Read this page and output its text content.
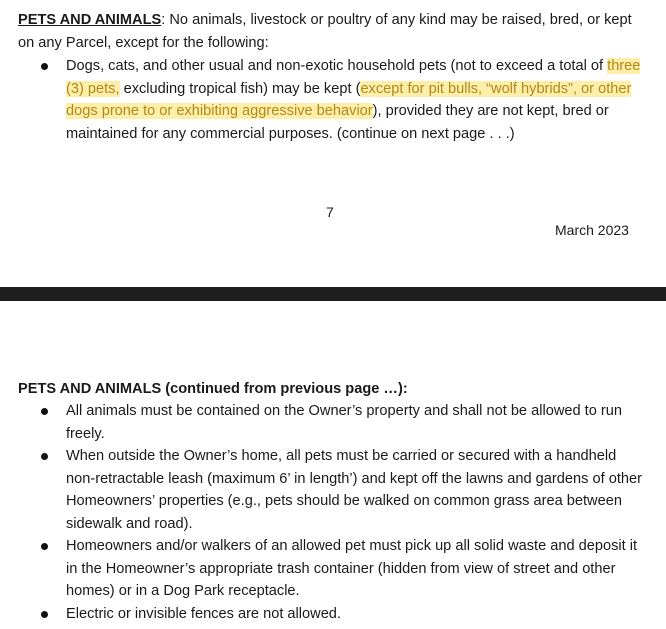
PETS AND ANIMALS: No animals, livestock or poultry of any kind may be raised, bred, or kept
on any Parcel, except for the following:
Dogs, cats, and other usual and non-exotic household pets (not to exceed a total of three (3) pets, excluding tropical fish) may be kept (except for pit bulls, “wolf hybrids”, or other dogs prone to or exhibiting aggressive behavior), provided they are not kept, bred or maintained for any commercial purposes. (continue on next page . . .)
7
March 2023
PETS AND ANIMALS (continued from previous page …):
All animals must be contained on the Owner’s property and shall not be allowed to run freely.
When outside the Owner’s home, all pets must be carried or secured with a handheld non-retractable leash (maximum 6’ in length’) and kept off the lawns and gardens of other Homeowners’ properties (e.g., pets should be walked on common grass area between sidewalk and road).
Homeowners and/or walkers of an allowed pet must pick up all solid waste and deposit it in the Homeowner’s appropriate trash container (hidden from view of street and other homes) or in a Dog Park receptacle.
Electric or invisible fences are not allowed.
